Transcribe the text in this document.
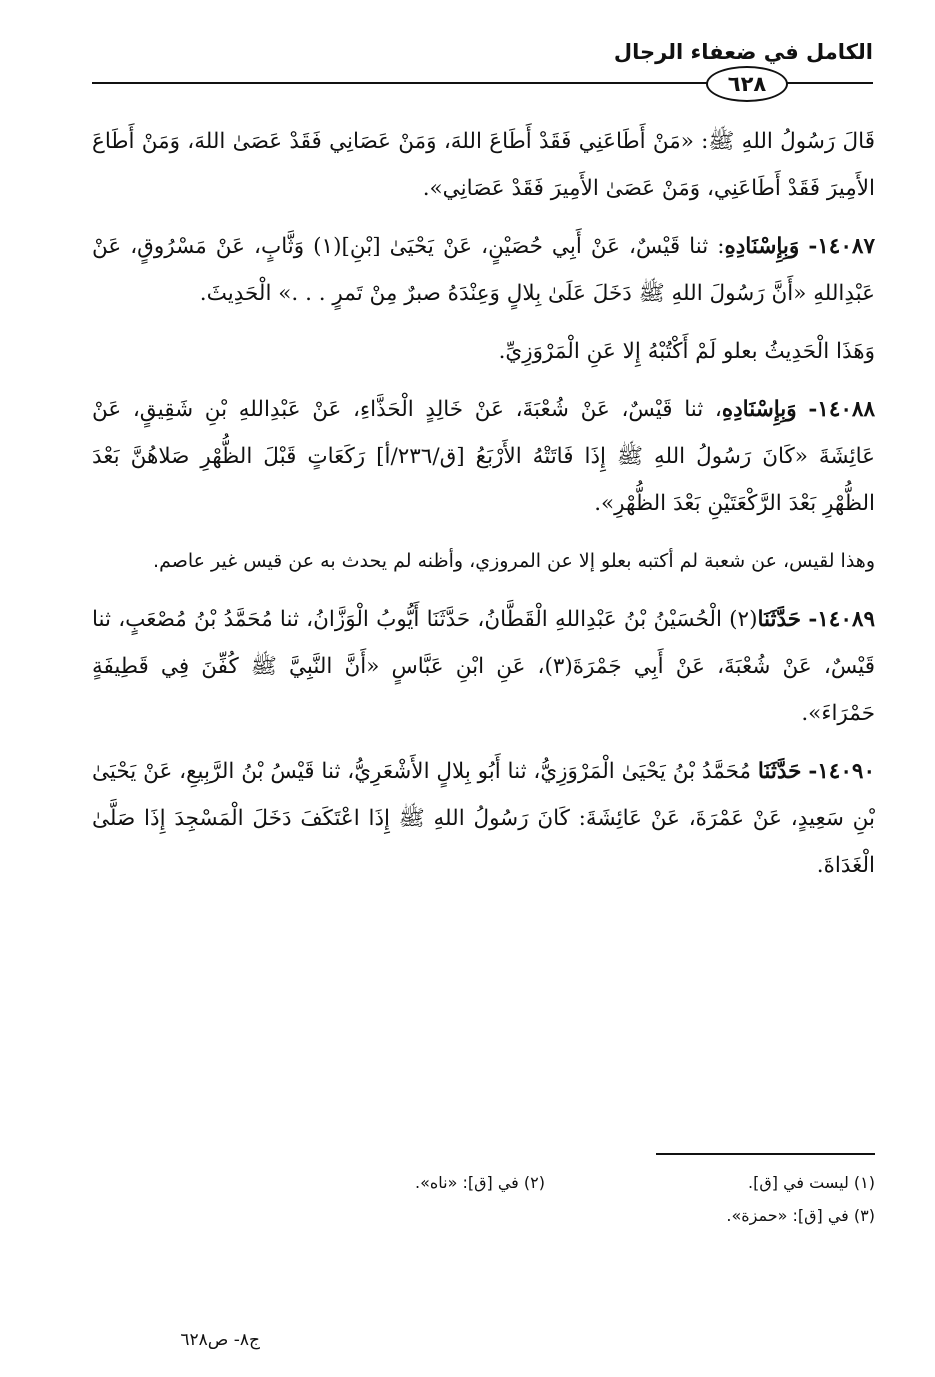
الكامل في ضعفاء الرجال
٦٢٨

قَالَ رَسُولُ اللهِ ﷺ: «مَنْ أَطَاعَنِي فَقَدْ أَطَاعَ اللهَ، وَمَنْ عَصَانِي فَقَدْ عَصَىٰ اللهَ، وَمَنْ أَطَاعَ الأَمِيرَ فَقَدْ أَطَاعَنِي، وَمَنْ عَصَىٰ الأَمِيرَ فَقَدْ عَصَانِي».

١٤٠٨٧- وَبِإِسْنَادِهِ: ثنا قَيْسٌ، عَنْ أَبِي حُصَيْنٍ، عَنْ يَحْيَىٰ [بْنِ](١) وَثَّابٍ، عَنْ مَسْرُوقٍ، عَنْ عَبْدِاللهِ «أَنَّ رَسُولَ اللهِ ﷺ دَخَلَ عَلَىٰ بِلالٍ وَعِنْدَهُ صبرٌ مِنْ تَمرٍ . . .» الْحَدِيثَ.

وَهَذَا الْحَدِيثُ بعلو لَمْ أَكْتُبْهُ إِلا عَنِ الْمَرْوَزِيِّ.

١٤٠٨٨- وَبِإِسْنَادِهِ، ثنا قَيْسٌ، عَنْ شُعْبَةَ، عَنْ خَالِدٍ الْحَذَّاءِ، عَنْ عَبْدِاللهِ بْنِ شَقِيقٍ، عَنْ عَائِشَةَ «كَانَ رَسُولُ اللهِ ﷺ إِذَا فَاتَتْهُ الأَرْبَعُ [ق/٢٣٦/أ] رَكَعَاتٍ قَبْلَ الظُّهْرِ صَلاهُنَّ بَعْدَ الظُّهْرِ بَعْدَ الرَّكْعَتَيْنِ بَعْدَ الظُّهْرِ».

وهذا لقيس، عن شعبة لم أكتبه بعلو إلا عن المروزي، وأظنه لم يحدث به عن قيس غير عاصم.

١٤٠٨٩- حَدَّثَنَا(٢) الْحُسَيْنُ بْنُ عَبْدِاللهِ الْقَطَّانُ، حَدَّثَنَا أَيُّوبُ الْوَزَّانُ، ثنا مُحَمَّدُ بْنُ مُصْعَبٍ، ثنا قَيْسٌ، عَنْ شُعْبَةَ، عَنْ أَبِي جَمْرَةَ(٣)، عَنِ ابْنِ عَبَّاسٍ «أَنَّ النَّبِيَّ ﷺ كُفِّنَ فِي قَطِيفَةٍ حَمْرَاءَ».

١٤٠٩٠- حَدَّثَنَا مُحَمَّدُ بْنُ يَحْيَىٰ الْمَرْوَزِيُّ، ثنا أَبُو بِلالٍ الأَشْعَرِيُّ، ثنا قَيْسُ بْنُ الرَّبِيعِ، عَنْ يَحْيَىٰ بْنِ سَعِيدٍ، عَنْ عَمْرَةَ، عَنْ عَائِشَةَ: كَانَ رَسُولُ اللهِ ﷺ إِذَا اعْتَكَفَ دَخَلَ الْمَسْجِدَ إِذَا صَلَّىٰ الْغَدَاةَ.

(١) ليست في [ق].
(٢) في [ق]: «ناه».
(٣) في [ق]: «حمزة».
ج٨- ص٦٢٨
